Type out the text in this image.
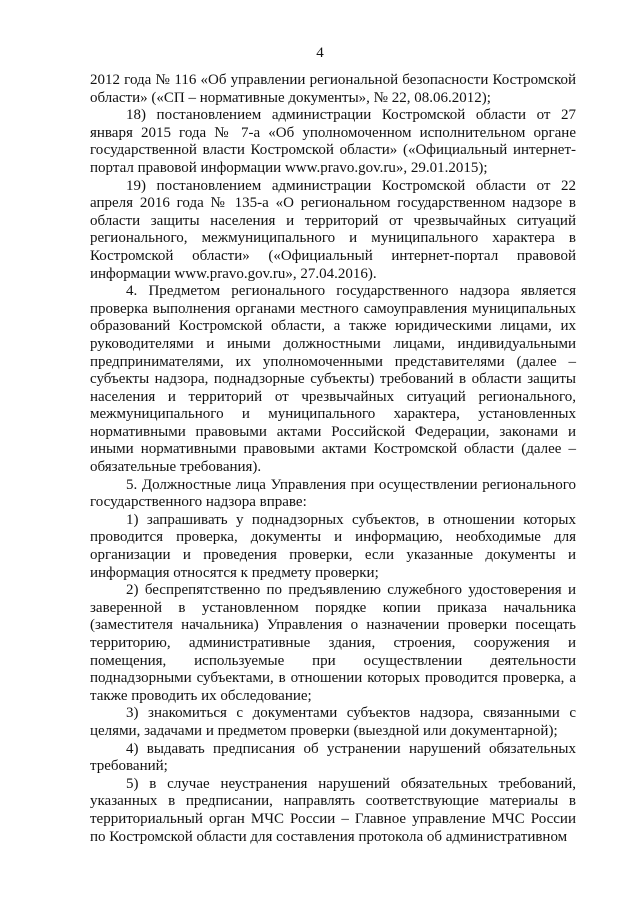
4

2012 года № 116 «Об управлении региональной безопасности Костромской области» («СП – нормативные документы», № 22, 08.06.2012);

18) постановлением администрации Костромской области от 27 января 2015 года № 7-а «Об уполномоченном исполнительном органе государственной власти Костромской области» («Официальный интернет-портал правовой информации www.pravo.gov.ru», 29.01.2015);

19) постановлением администрации Костромской области от 22 апреля 2016 года № 135-а «О региональном государственном надзоре в области защиты населения и территорий от чрезвычайных ситуаций регионального, межмуниципального и муниципального характера в Костромской области» («Официальный интернет-портал правовой информации www.pravo.gov.ru», 27.04.2016).

4. Предметом регионального государственного надзора является проверка выполнения органами местного самоуправления муниципальных образований Костромской области, а также юридическими лицами, их руководителями и иными должностными лицами, индивидуальными предпринимателями, их уполномоченными представителями (далее – субъекты надзора, поднадзорные субъекты) требований в области защиты населения и территорий от чрезвычайных ситуаций регионального, межмуниципального и муниципального характера, установленных нормативными правовыми актами Российской Федерации, законами и иными нормативными правовыми актами Костромской области (далее – обязательные требования).

5. Должностные лица Управления при осуществлении регионального государственного надзора вправе:

1) запрашивать у поднадзорных субъектов, в отношении которых проводится проверка, документы и информацию, необходимые для организации и проведения проверки, если указанные документы и информация относятся к предмету проверки;

2) беспрепятственно по предъявлению служебного удостоверения и заверенной в установленном порядке копии приказа начальника (заместителя начальника) Управления о назначении проверки посещать территорию, административные здания, строения, сооружения и помещения, используемые при осуществлении деятельности поднадзорными субъектами, в отношении которых проводится проверка, а также проводить их обследование;

3) знакомиться с документами субъектов надзора, связанными с целями, задачами и предметом проверки (выездной или документарной);

4) выдавать предписания об устранении нарушений обязательных требований;

5) в случае неустранения нарушений обязательных требований, указанных в предписании, направлять соответствующие материалы в территориальный орган МЧС России – Главное управление МЧС России по Костромской области для составления протокола об административном
